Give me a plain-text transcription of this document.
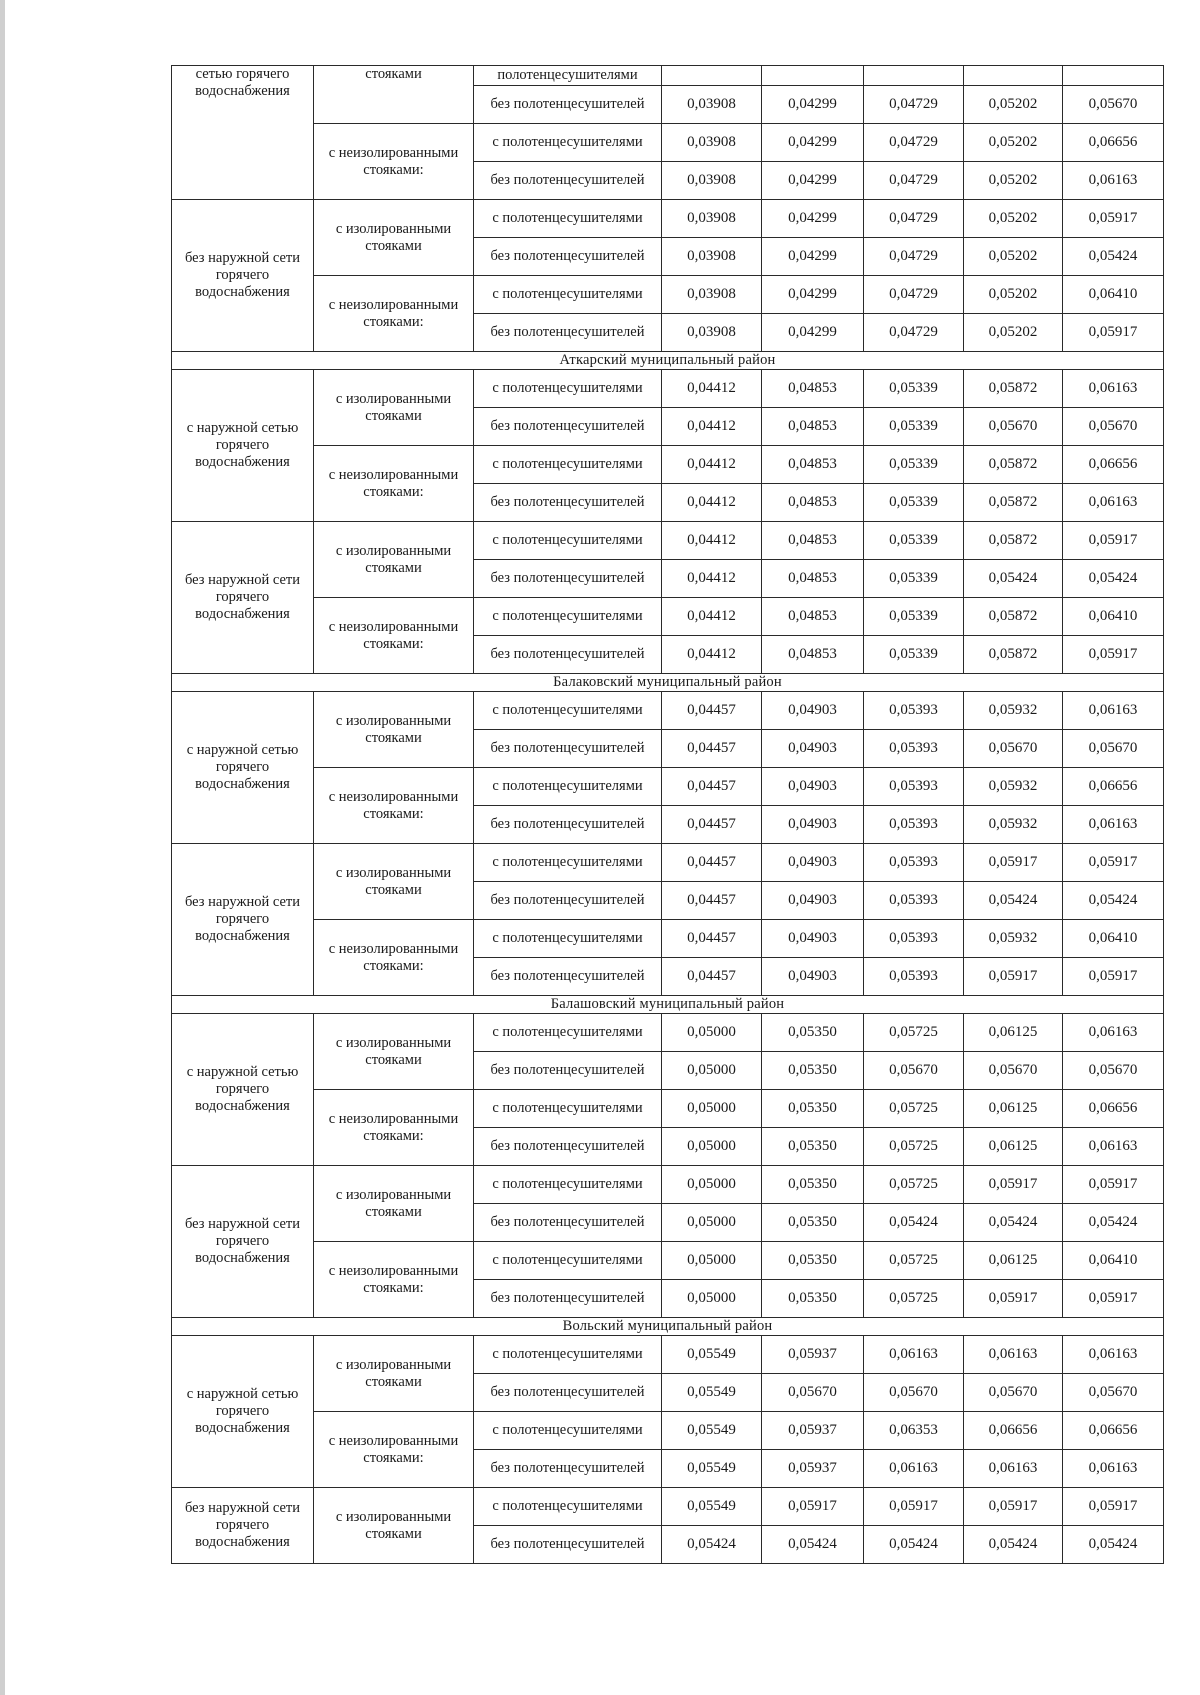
сетью горячего водоснабжения	стояками	полотенцесушителями					
		без полотенцесушителей	0,03908	0,04299	0,04729	0,05202	0,05670
	с неизолированными стояками:	с полотенцесушителями	0,03908	0,04299	0,04729	0,05202	0,06656
		без полотенцесушителей	0,03908	0,04299	0,04729	0,05202	0,06163
без наружной сети горячего водоснабжения	с изолированными стояками	с полотенцесушителями	0,03908	0,04299	0,04729	0,05202	0,05917
		без полотенцесушителей	0,03908	0,04299	0,04729	0,05202	0,05424
	с неизолированными стояками:	с полотенцесушителями	0,03908	0,04299	0,04729	0,05202	0,06410
		без полотенцесушителей	0,03908	0,04299	0,04729	0,05202	0,05917
Аткарский муниципальный район							
с наружной сетью горячего водоснабжения	с изолированными стояками	с полотенцесушителями	0,04412	0,04853	0,05339	0,05872	0,06163
		без полотенцесушителей	0,04412	0,04853	0,05339	0,05670	0,05670
	с неизолированными стояками:	с полотенцесушителями	0,04412	0,04853	0,05339	0,05872	0,06656
		без полотенцесушителей	0,04412	0,04853	0,05339	0,05872	0,06163
без наружной сети горячего водоснабжения	с изолированными стояками	с полотенцесушителями	0,04412	0,04853	0,05339	0,05872	0,05917
		без полотенцесушителей	0,04412	0,04853	0,05339	0,05424	0,05424
	с неизолированными стояками:	с полотенцесушителями	0,04412	0,04853	0,05339	0,05872	0,06410
		без полотенцесушителей	0,04412	0,04853	0,05339	0,05872	0,05917
Балаковский муниципальный район							
с наружной сетью горячего водоснабжения	с изолированными стояками	с полотенцесушителями	0,04457	0,04903	0,05393	0,05932	0,06163
		без полотенцесушителей	0,04457	0,04903	0,05393	0,05670	0,05670
	с неизолированными стояками:	с полотенцесушителями	0,04457	0,04903	0,05393	0,05932	0,06656
		без полотенцесушителей	0,04457	0,04903	0,05393	0,05932	0,06163
без наружной сети горячего водоснабжения	с изолированными стояками	с полотенцесушителями	0,04457	0,04903	0,05393	0,05917	0,05917
		без полотенцесушителей	0,04457	0,04903	0,05393	0,05424	0,05424
	с неизолированными стояками:	с полотенцесушителями	0,04457	0,04903	0,05393	0,05932	0,06410
		без полотенцесушителей	0,04457	0,04903	0,05393	0,05917	0,05917
Балашовский муниципальный район							
с наружной сетью горячего водоснабжения	с изолированными стояками	с полотенцесушителями	0,05000	0,05350	0,05725	0,06125	0,06163
		без полотенцесушителей	0,05000	0,05350	0,05670	0,05670	0,05670
	с неизолированными стояками:	с полотенцесушителями	0,05000	0,05350	0,05725	0,06125	0,06656
		без полотенцесушителей	0,05000	0,05350	0,05725	0,06125	0,06163
без наружной сети горячего водоснабжения	с изолированными стояками	с полотенцесушителями	0,05000	0,05350	0,05725	0,05917	0,05917
		без полотенцесушителей	0,05000	0,05350	0,05424	0,05424	0,05424
	с неизолированными стояками:	с полотенцесушителями	0,05000	0,05350	0,05725	0,06125	0,06410
		без полотенцесушителей	0,05000	0,05350	0,05725	0,05917	0,05917
Вольский муниципальный район							
с наружной сетью горячего водоснабжения	с изолированными стояками	с полотенцесушителями	0,05549	0,05937	0,06163	0,06163	0,06163
		без полотенцесушителей	0,05549	0,05670	0,05670	0,05670	0,05670
	с неизолированными стояками:	с полотенцесушителями	0,05549	0,05937	0,06353	0,06656	0,06656
		без полотенцесушителей	0,05549	0,05937	0,06163	0,06163	0,06163
без наружной сети горячего водоснабжения	с изолированными стояками	с полотенцесушителями	0,05549	0,05917	0,05917	0,05917	0,05917
		без полотенцесушителей	0,05424	0,05424	0,05424	0,05424	0,05424
